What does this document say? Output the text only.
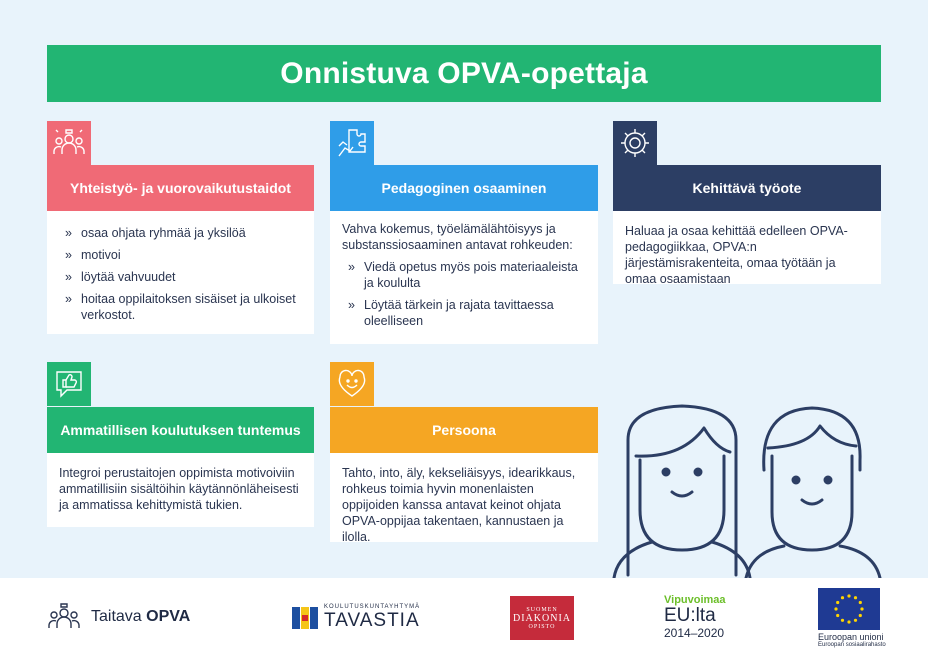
Onnistuva OPVA-opettaja
Yhteistyö- ja vuorovaikutustaidot
» osaa ohjata ryhmää ja yksilöä
» motivoi
» löytää vahvuudet
» hoitaa oppilaitoksen sisäiset ja ulkoiset verkostot.
Pedagoginen osaaminen

Vahva kokemus, työelämälähtöisyys ja substanssiosaaminen antavat rohkeuden:

» Viedä opetus myös pois materiaaleista ja koululta
» Löytää tärkein ja rajata tavittaessa oleelliseen
Kehittävä työote

Haluaa ja osaa kehittää edelleen OPVA-pedagogiikkaa, OPVA:n järjestämisrakenteita, omaa työtään ja omaa osaamistaan

Ammatillisen koulutuksen tuntemus

Integroi perustaitojen oppimista motivoiviin ammatillisiin sisältöihin käytännönläheisesti ja ammatissa kehittymistä tukien.

Persoona

Tahto, into, äly, kekseliäisyys, idearikkaus, rohkeus toimia hyvin monenlaisten oppijoiden kanssa antavat keinot ohjata OPVA-oppijaa takentaen, kannustaen ja ilolla.

Taitava OPVA
KOULUTUSKUNTAYHTYMÄ
TAVASTIA
SUOMEN
DIAKONIA
OPISTO
Vipuvoimaa
EU:lta
2014–2020	Euroopan unioni
Euroopan sosiaalirahasto
